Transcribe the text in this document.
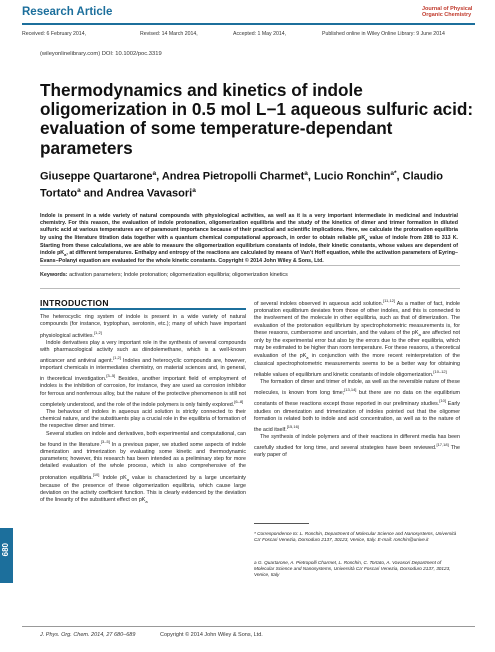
Research Article	Journal of Physical
Organic Chemistry
Received: 6 February 2014,	Revised: 14 March 2014,	Accepted: 1 May 2014,	Published online in Wiley Online Library: 9 June 2014
(wileyonlinelibrary.com) DOI: 10.1002/poc.3319
Thermodynamics and kinetics of indole oligomerization in 0.5 mol L−1 aqueous sulfuric acid: evaluation of some temperature-dependant parameters
Giuseppe Quartarone$^a$, Andrea Pietropolli Charmet$^a$, Lucio Ronchin$^{a*}$, Claudio Tortato$^a$ and Andrea Vavasori$^a$
Indole is present in a wide variety of natural compounds with physiological activities, as well as it is a very important intermediate in medicinal and industrial chemistry. For this reason, the evaluation of indole protonation, oligomerization equilibria and the study of the kinetics of dimer and trimer formation in diluted sulfuric acid at various temperatures are of paramount importance because of their practical and scientific implications. Here, we calculate the protonation equilibria by using the literature titration data together with a quantum chemical computational approach, in order to obtain reliable $pK_a$ value of indole from 288 to 313 K. Starting from these calculations, we are able to measure the oligomerization equilibrium constants of indole, their kinetic constants, whose values are dependent of indole $pK_a$, at different temperatures. Enthalpy and entropy of the reactions are calculated by means of Van’t Hoff equation, while the activation parameters of Eyring–Evans–Polanyi equation are evaluated for the whole kinetic constants. Copyright © 2014 John Wiley & Sons, Ltd.
Keywords: activation parameters; Indole protonation; oligomerization equilibria; oligomerization kinetics
INTRODUCTION

The heterocyclic ring system of indole is present in a wide variety of natural compounds (for instance, tryptophan, serotonin, etc.); many of which have important physiological activities.[1,2]

Indole derivatives play a very important role in the synthesis of several compounds with pharmacological activity such as diindolemethane, which is a well-known anticancer and antiviral agent.[1,2] Indoles and heterocyclic compounds are, however, important chemicals in intermediates chemistry, on material sciences and, in general, in theoretical investigation.[3–5] Besides, another important field of employment of indoles is the inhibition of corrosion, for instance, they are used as corrosion inhibitor for ferrous and nonferrous alloy, but the nature of the protective phenomenon is still not completely understood, and the role of the indole polymers is only faintly explored.[6–8]

The behaviour of indoles in aqueous acid solution is strictly connected to their chemical nature, and the substituents play a crucial role in the equilibria of formation of the respective dimer and trimer.

Several studies on indole and derivatives, both experimental and computational, can be found in the literature.[3–5] In a previous paper, we studied some aspects of indole dimerization and trimerization by evaluating some kinetic and thermodynamic parameters; however, this research has been intended as a preliminary step for more detailed evaluation of the whole process, which is also comprehensive of the protonation equilibria.[10] Indole $pK_a$ value is characterized by a large uncertainty because of the presence of these oligomerization equilibria, which cause large deviation on the activity coefficient function. This is clearly evidenced by the deviation of the linearity of the substituent effect on $pK_a$

of several indoles observed in aqueous acid solution.[11,12] As a matter of fact, indole protonation equilibrium deviates from those of other indoles, and this is connected to the involvement of the molecule in other equilibria, such as that of dimerization. The evaluation of the protonation equilibrium by spectrophotometric measurements is, for these reasons, cumbersome and uncertain, and the values of the $pK_a$ are affected not only by the experimental error but also by the errors due to the other equilibria, which may be estimated to be higher than room temperature. For these reasons, a theoretical evaluation of the $pK_a$ in conjunction with the more recent reinterpretation of the classical spectrophotometric measurements seems to be a better way for obtaining reliable values of equilibrium and kinetic constants of indole oligomerization.[10–12]

The formation of dimer and trimer of indole, as well as the reversible nature of these molecules, is known from long time;[13,14] but there are no data on the equilibrium constants of these reactions except those reported in our preliminary studies.[10] Early studies on dimerization and trimerization of indoles pointed out that the oligomer formation is related both to indole and acid concentration, as well as to the nature of the acid itself.[15,16]

The synthesis of indole polymers and of their reactions in different media has been carefully studied for long time, and several strategies have been reviewed.[17,18] The early paper of

* Correspondence to: L. Ronchin, Department of Molecular Science and Nanosystems, Università Ca’ Foscari Venezia, Dorsoduro 2137, 30123, Venice, Italy. E-mail: ronchin@unive.it
a G. Quartarone, A. Pietropolli Charmet, L. Ronchin, C. Tortato, A. Vavasori Department of Molecular Science and Nanosystems, Università Ca’ Foscari Venezia, Dorsoduro 2137, 30123, Venice, Italy
680
J. Phys. Org. Chem. 2014, 27 680–689	Copyright © 2014 John Wiley & Sons, Ltd.
